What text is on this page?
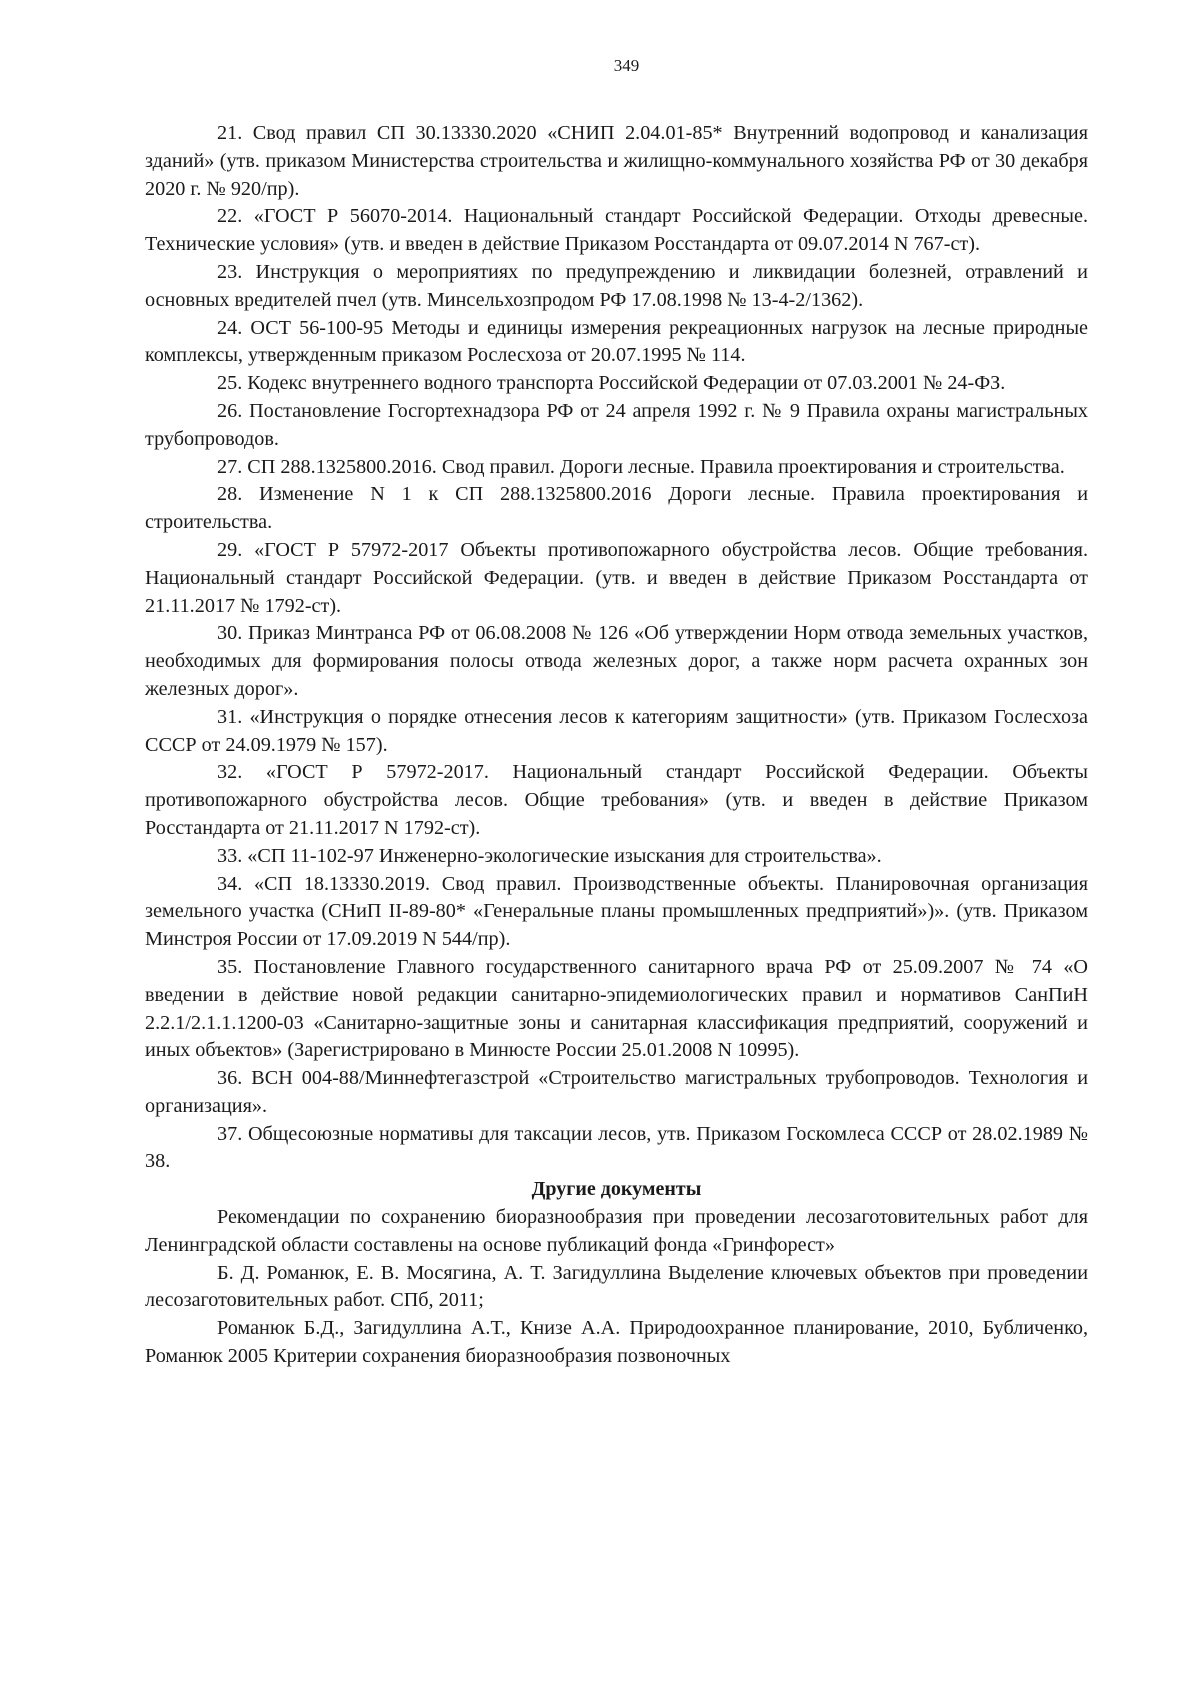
349

21. Свод правил СП 30.13330.2020 «СНИП 2.04.01-85* Внутренний водопровод и канализация зданий» (утв. приказом Министерства строительства и жилищно-коммунального хозяйства РФ от 30 декабря 2020 г. № 920/пр).

22. «ГОСТ Р 56070-2014. Национальный стандарт Российской Федерации. Отходы древесные. Технические условия» (утв. и введен в действие Приказом Росстандарта от 09.07.2014 N 767-ст).

23. Инструкция о мероприятиях по предупреждению и ликвидации болезней, отравлений и основных вредителей пчел (утв. Минсельхозпродом РФ 17.08.1998 № 13-4-2/1362).

24. ОСТ 56-100-95 Методы и единицы измерения рекреационных нагрузок на лесные природные комплексы, утвержденным приказом Рослесхоза от 20.07.1995 № 114.

25. Кодекс внутреннего водного транспорта Российской Федерации от 07.03.2001 № 24-ФЗ.

26. Постановление Госгортехнадзора РФ от 24 апреля 1992 г. № 9 Правила охраны магистральных трубопроводов.

27. СП 288.1325800.2016. Свод правил. Дороги лесные. Правила проектирования и строительства.

28. Изменение N 1 к СП 288.1325800.2016 Дороги лесные. Правила проектирования и строительства.

29. «ГОСТ Р 57972-2017 Объекты противопожарного обустройства лесов. Общие требования. Национальный стандарт Российской Федерации. (утв. и введен в действие Приказом Росстандарта от 21.11.2017 № 1792-ст).

30. Приказ Минтранса РФ от 06.08.2008 № 126 «Об утверждении Норм отвода земельных участков, необходимых для формирования полосы отвода железных дорог, а также норм расчета охранных зон железных дорог».

31. «Инструкция о порядке отнесения лесов к категориям защитности» (утв. Приказом Гослесхоза СССР от 24.09.1979 № 157).

32. «ГОСТ Р 57972-2017. Национальный стандарт Российской Федерации. Объекты противопожарного обустройства лесов. Общие требования» (утв. и введен в действие Приказом Росстандарта от 21.11.2017 N 1792-ст).

33. «СП 11-102-97 Инженерно-экологические изыскания для строительства».

34. «СП 18.13330.2019. Свод правил. Производственные объекты. Планировочная организация земельного участка (СНиП II-89-80* «Генеральные планы промышленных предприятий»)». (утв. Приказом Минстроя России от 17.09.2019 N 544/пр).

35. Постановление Главного государственного санитарного врача РФ от 25.09.2007 № 74 «О введении в действие новой редакции санитарно-эпидемиологических правил и нормативов СанПиН 2.2.1/2.1.1.1200-03 «Санитарно-защитные зоны и санитарная классификация предприятий, сооружений и иных объектов» (Зарегистрировано в Минюсте России 25.01.2008 N 10995).

36. ВСН 004-88/Миннефтегазстрой «Строительство магистральных трубопроводов. Технология и организация».

37. Общесоюзные нормативы для таксации лесов, утв. Приказом Госкомлеса СССР от 28.02.1989 № 38.

Другие документы

Рекомендации по сохранению биоразнообразия при проведении лесозаготовительных работ для Ленинградской области составлены на основе публикаций фонда «Гринфорест»

Б. Д. Романюк, Е. В. Мосягина, А. Т. Загидуллина Выделение ключевых объектов при проведении лесозаготовительных работ. СПб, 2011;

Романюк Б.Д., Загидуллина А.Т., Книзе А.А. Природоохранное планирование, 2010, Бубличенко, Романюк 2005 Критерии сохранения биоразнообразия позвоночных
